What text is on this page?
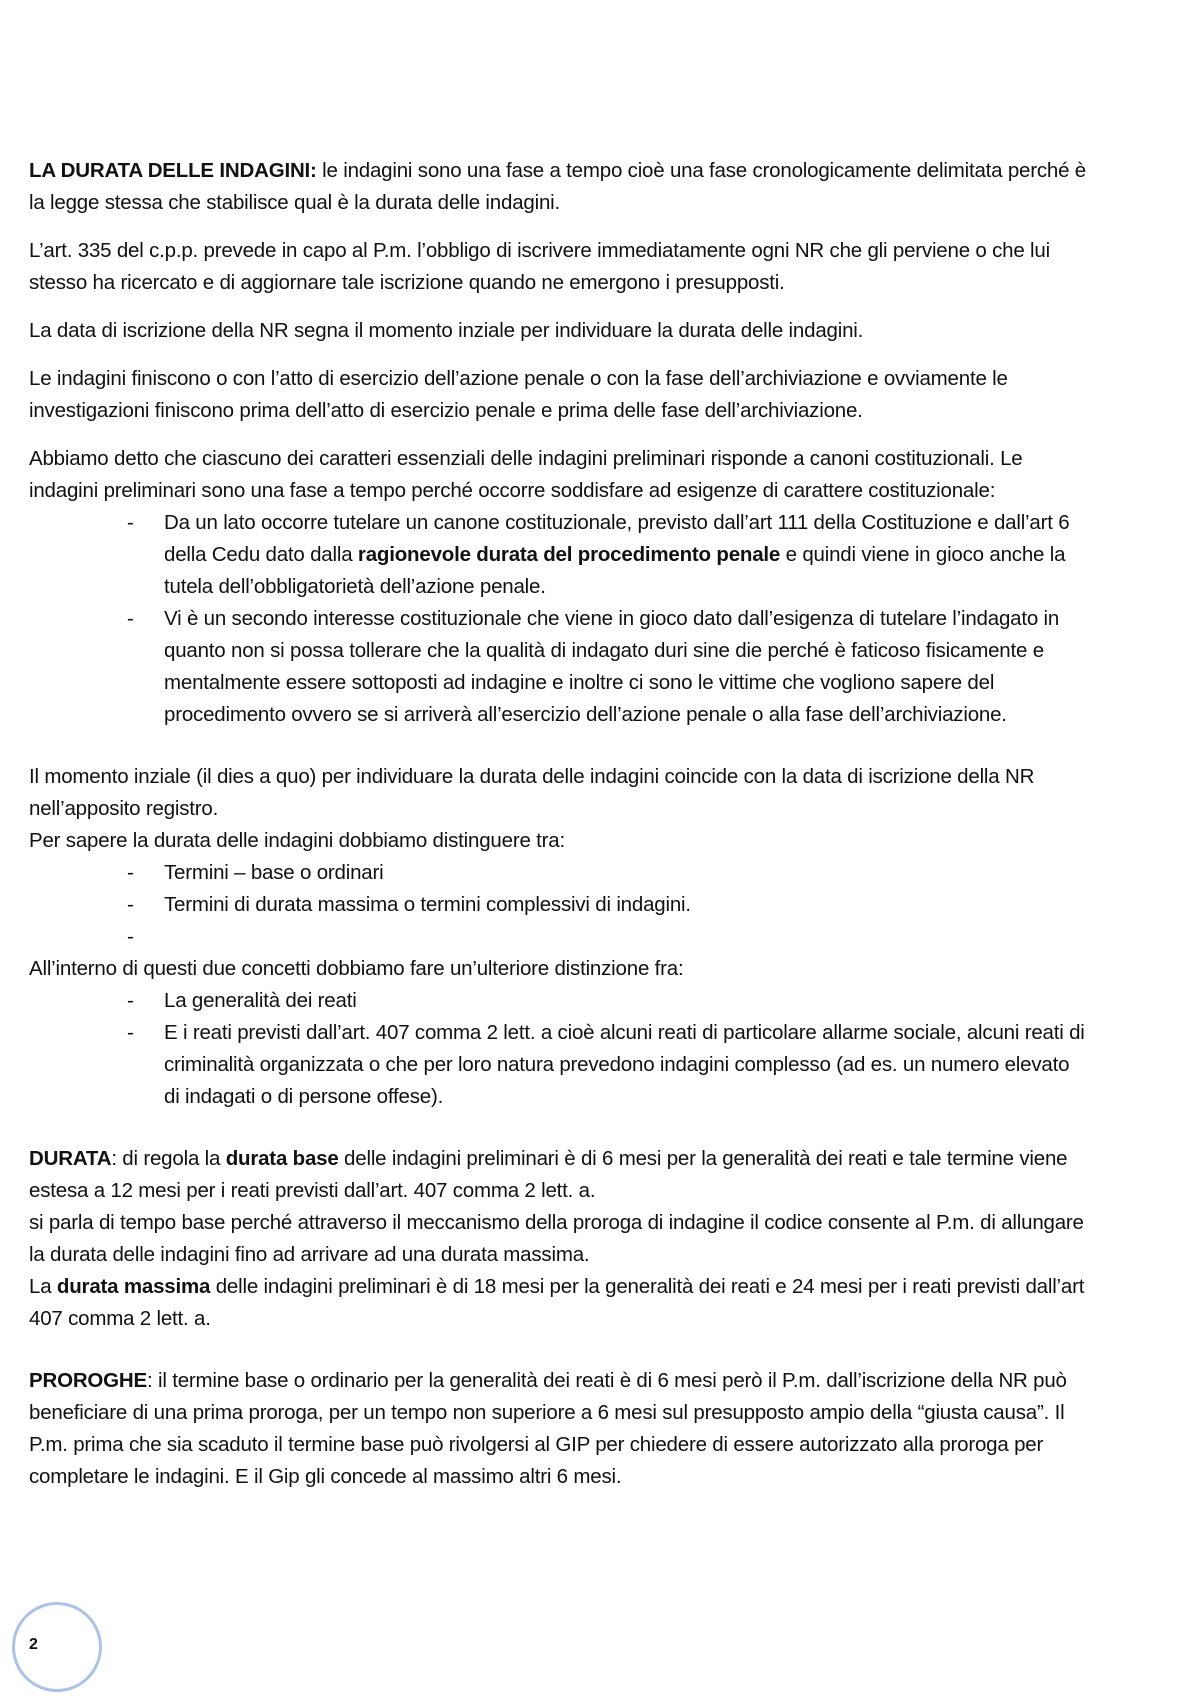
LA DURATA DELLE INDAGINI: le indagini sono una fase a tempo cioè una fase cronologicamente delimitata perché è la legge stessa che stabilisce qual è la durata delle indagini.

L’art. 335 del c.p.p. prevede in capo al P.m. l’obbligo di iscrivere immediatamente ogni NR che gli perviene o che lui stesso ha ricercato e di aggiornare tale iscrizione quando ne emergono i presupposti.

La data di iscrizione della NR segna il momento inziale per individuare la durata delle indagini.

Le indagini finiscono o con l’atto di esercizio dell’azione penale o con la fase dell’archiviazione e ovviamente le investigazioni finiscono prima dell’atto di esercizio penale e prima delle fase dell’archiviazione.

Abbiamo detto che ciascuno dei caratteri essenziali delle indagini preliminari risponde a canoni costituzionali. Le indagini preliminari sono una fase a tempo perché occorre soddisfare ad esigenze di carattere costituzionale:

- Da un lato occorre tutelare un canone costituzionale, previsto dall’art 111 della Costituzione e dall’art 6 della Cedu dato dalla ragionevole durata del procedimento penale e quindi viene in gioco anche la tutela dell’obbligatorietà dell’azione penale.
- Vi è un secondo interesse costituzionale che viene in gioco dato dall’esigenza di tutelare l’indagato in quanto non si possa tollerare che la qualità di indagato duri sine die perché è faticoso fisicamente e mentalmente essere sottoposti ad indagine e inoltre ci sono le vittime che vogliono sapere del procedimento ovvero se si arriverà all’esercizio dell’azione penale o alla fase dell’archiviazione.

Il momento inziale (il dies a quo) per individuare la durata delle indagini coincide con la data di iscrizione della NR nell’apposito registro.

Per sapere la durata delle indagini dobbiamo distinguere tra:

- Termini – base o ordinari
- Termini di durata massima o termini complessivi di indagini.
-

All’interno di questi due concetti dobbiamo fare un’ulteriore distinzione fra:

- La generalità dei reati
- E i reati previsti dall’art. 407 comma 2 lett. a cioè alcuni reati di particolare allarme sociale, alcuni reati di criminalità organizzata o che per loro natura prevedono indagini complesso (ad es. un numero elevato di indagati o di persone offese).

DURATA: di regola la durata base delle indagini preliminari è di 6 mesi per la generalità dei reati e tale termine viene estesa a 12 mesi per i reati previsti dall’art. 407 comma 2 lett. a.

si parla di tempo base perché attraverso il meccanismo della proroga di indagine il codice consente al P.m. di allungare la durata delle indagini fino ad arrivare ad una durata massima.

La durata massima delle indagini preliminari è di 18 mesi per la generalità dei reati e 24 mesi per i reati previsti dall’art 407 comma 2 lett. a.

PROROGHE: il termine base o ordinario per la generalità dei reati è di 6 mesi però il P.m. dall’iscrizione della NR può beneficiare di una prima proroga, per un tempo non superiore a 6 mesi sul presupposto ampio della “giusta causa”. Il P.m. prima che sia scaduto il termine base può rivolgersi al GIP per chiedere di essere autorizzato alla proroga per completare le indagini. E il Gip gli concede al massimo altri 6 mesi.

2
